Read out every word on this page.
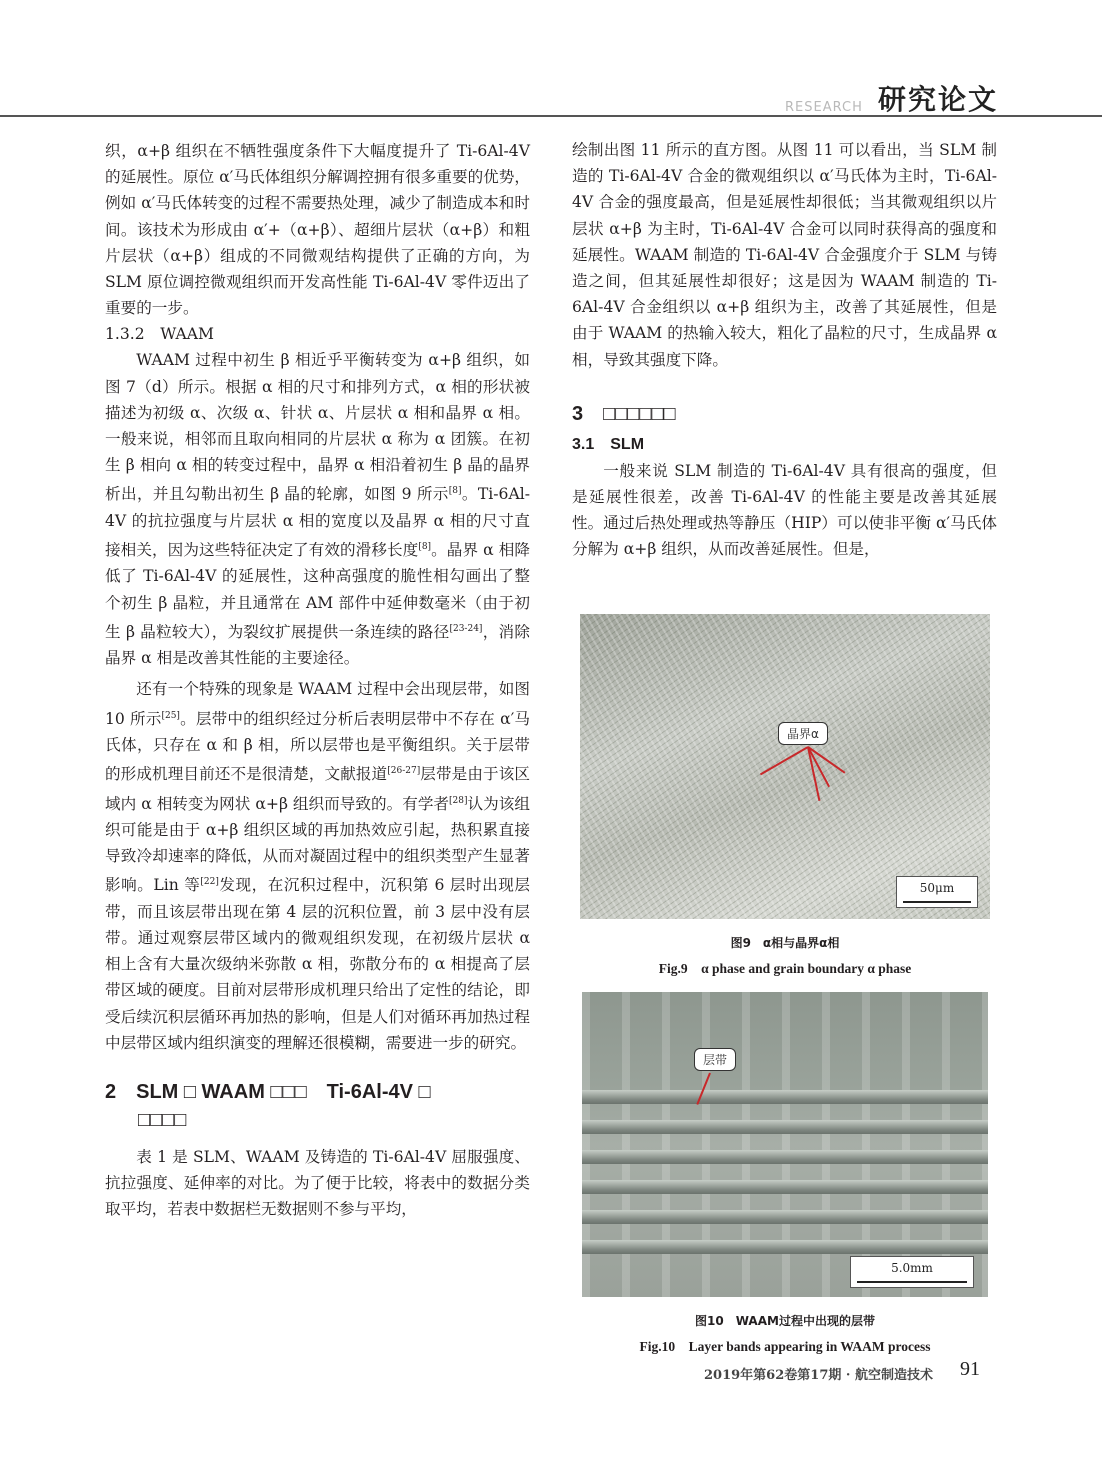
RESEARCH 研究论文

织，α+β 组织在不牺牲强度条件下大幅度提升了 Ti-6Al-4V 的延展性。原位 α′马氏体组织分解调控拥有很多重要的优势，例如 α′马氏体转变的过程不需要热处理，减少了制造成本和时间。该技术为形成由 α′+（α+β）、超细片层状（α+β）和粗片层状（α+β）组成的不同微观结构提供了正确的方向，为 SLM 原位调控微观组织而开发高性能 Ti-6Al-4V 零件迈出了重要的一步。

1.3.2　WAAM

WAAM 过程中初生 β 相近乎平衡转变为 α+β 组织，如图 7（d）所示。根据 α 相的尺寸和排列方式，α 相的形状被描述为初级 α、次级 α、针状 α、片层状 α 相和晶界 α 相。一般来说，相邻而且取向相同的片层状 α 称为 α 团簇。在初生 β 相向 α 相的转变过程中，晶界 α 相沿着初生 β 晶的晶界析出，并且勾勒出初生 β 晶的轮廓，如图 9 所示[8]。Ti-6Al-4V 的抗拉强度与片层状 α 相的宽度以及晶界 α 相的尺寸直接相关，因为这些特征决定了有效的滑移长度[8]。晶界 α 相降低了 Ti-6Al-4V 的延展性，这种高强度的脆性相勾画出了整个初生 β 晶粒，并且通常在 AM 部件中延伸数毫米（由于初生 β 晶粒较大），为裂纹扩展提供一条连续的路径[23-24]，消除晶界 α 相是改善其性能的主要途径。

还有一个特殊的现象是 WAAM 过程中会出现层带，如图 10 所示[25]。层带中的组织经过分析后表明层带中不存在 α′马氏体，只存在 α 和 β 相，所以层带也是平衡组织。关于层带的形成机理目前还不是很清楚，文献报道[26-27]层带是由于该区域内 α 相转变为网状 α+β 组织而导致的。有学者[28]认为该组织可能是由于 α+β 组织区域的再加热效应引起，热积累直接导致冷却速率的降低，从而对凝固过程中的组织类型产生显著影响。Lin 等[22]发现，在沉积过程中，沉积第 6 层时出现层带，而且该层带出现在第 4 层的沉积位置，前 3 层中没有层带。通过观察层带区域内的微观组织发现，在初级片层状 α 相上含有大量次级纳米弥散 α 相，弥散分布的 α 相提高了层带区域的硬度。目前对层带形成机理只给出了定性的结论，即受后续沉积层循环再加热的影响，但是人们对循环再加热过程中层带区域内组织演变的理解还很模糊，需要进一步的研究。

2　SLM □ WAAM □□□　Ti-6Al-4V □
□□□□

表 1 是 SLM、WAAM 及铸造的 Ti-6Al-4V 屈服强度、抗拉强度、延伸率的对比。为了便于比较，将表中的数据分类取平均，若表中数据栏无数据则不参与平均，

绘制出图 11 所示的直方图。从图 11 可以看出，当 SLM 制造的 Ti-6Al-4V 合金的微观组织以 α′马氏体为主时，Ti-6Al-4V 合金的强度最高，但是延展性却很低；当其微观组织以片层状 α+β 为主时，Ti-6Al-4V 合金可以同时获得高的强度和延展性。WAAM 制造的 Ti-6Al-4V 合金强度介于 SLM 与铸造之间，但其延展性却很好；这是因为 WAAM 制造的 Ti-6Al-4V 合金组织以 α+β 组织为主，改善了其延展性，但是由于 WAAM 的热输入较大，粗化了晶粒的尺寸，生成晶界 α 相，导致其强度下降。

3　□□□□□□

3.1　SLM

一般来说 SLM 制造的 Ti-6Al-4V 具有很高的强度，但是延展性很差，改善 Ti-6Al-4V 的性能主要是改善其延展性。通过后热处理或热等静压（HIP）可以使非平衡 α′马氏体分解为 α+β 组织，从而改善延展性。但是，

晶界α
50μm
图9　α相与晶界α相
Fig.9　α phase and grain boundary α phase
层带
5.0mm
图10　WAAM过程中出现的层带
Fig.10　Layer bands appearing in WAAM process
2019年第62卷第17期 · 航空制造技术 91
